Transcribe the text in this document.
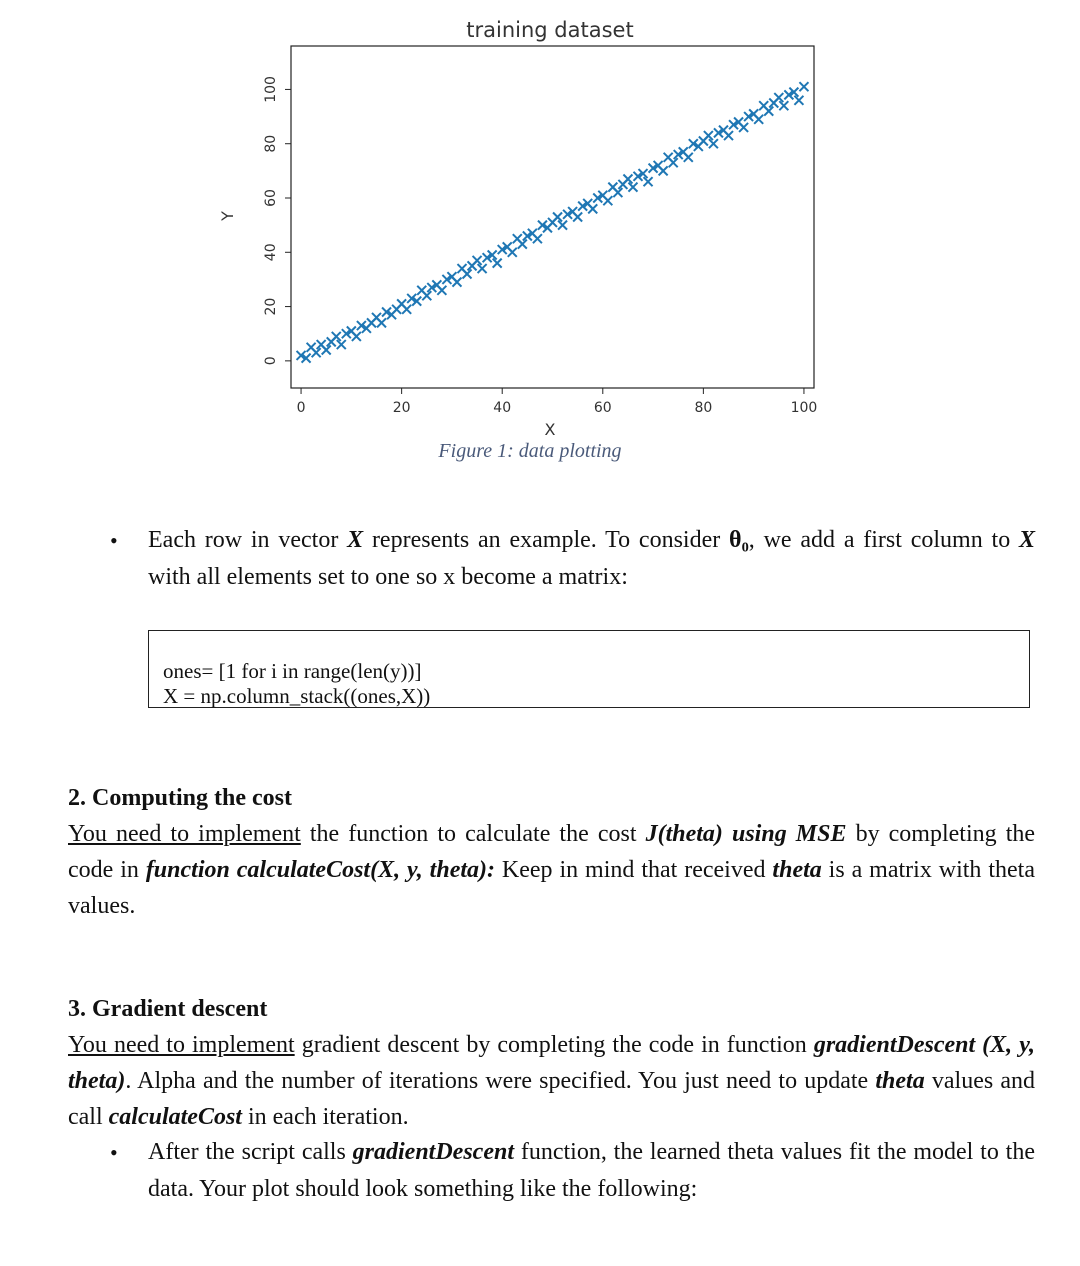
training dataset
0	20	40	60	80	100
0
20
40
60
80
100
X
Y
Figure 1: data plotting
• Each row in vector X represents an example. To consider θ₀, we add a first column to X with all elements set to one so x become a matrix:
ones= [1 for i in range(len(y))]
X = np.column_stack((ones,X))
2. Computing the cost

You need to implement the function to calculate the cost J(theta) using MSE by completing the code in function calculateCost(X, y, theta): Keep in mind that received theta is a matrix with theta values.

3. Gradient descent

You need to implement gradient descent by completing the code in function gradientDescent (X, y, theta). Alpha and the number of iterations were specified. You just need to update theta values and call calculateCost in each iteration.

• After the script calls gradientDescent function, the learned theta values fit the model to the data. Your plot should look something like the following:
